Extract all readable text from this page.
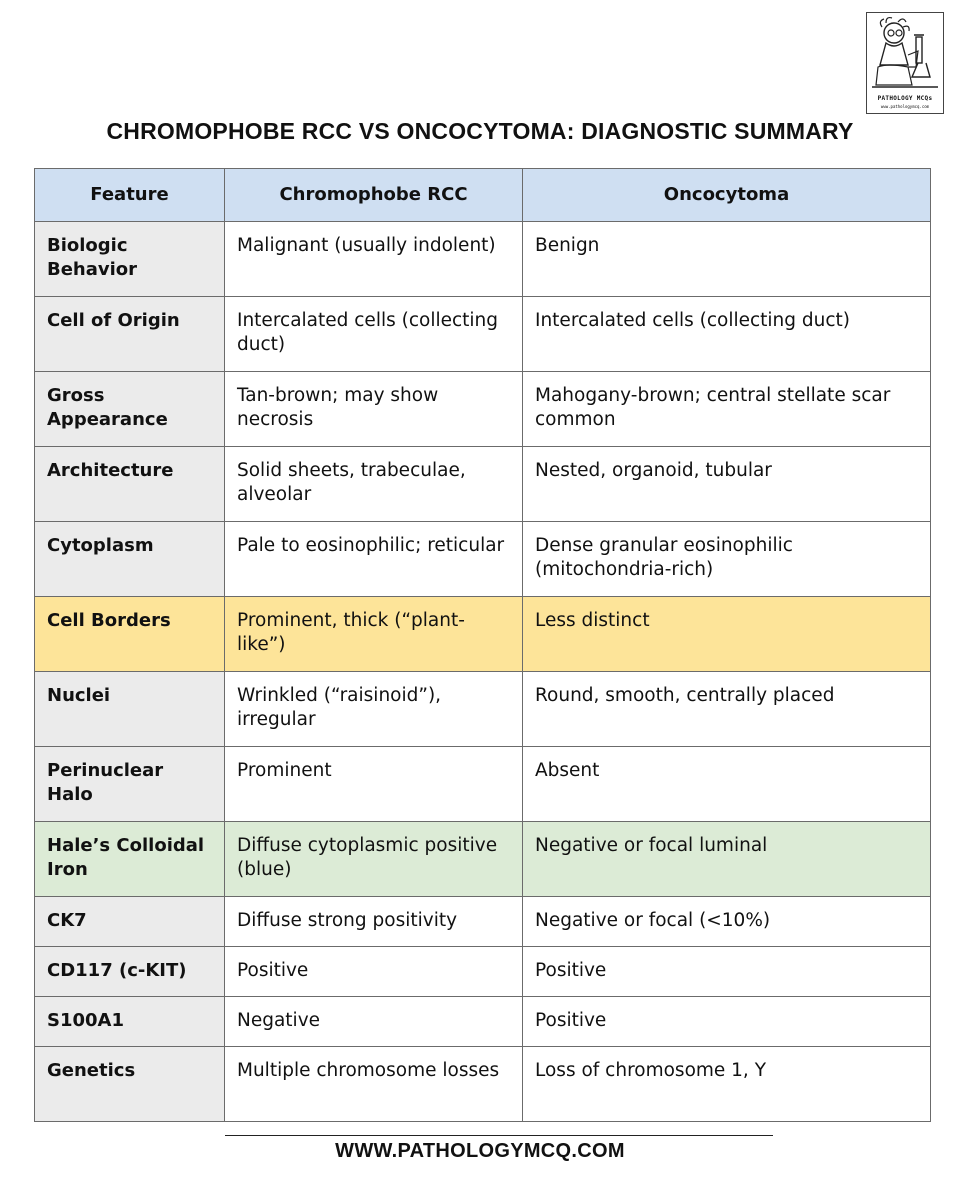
PATHOLOGY MCQs
www.pathologymcq.com
CHROMOPHOBE RCC VS ONCOCYTOMA: DIAGNOSTIC SUMMARY
Feature	Chromophobe RCC	Oncocytoma
Biologic Behavior	Malignant (usually indolent)	Benign
Cell of Origin	Intercalated cells (collecting duct)	Intercalated cells (collecting duct)
Gross Appearance	Tan-brown; may show necrosis	Mahogany-brown; central stellate scar common
Architecture	Solid sheets, trabeculae, alveolar	Nested, organoid, tubular
Cytoplasm	Pale to eosinophilic; reticular	Dense granular eosinophilic (mitochondria-rich)
Cell Borders	Prominent, thick (“plant-like”)	Less distinct
Nuclei	Wrinkled (“raisinoid”), irregular	Round, smooth, centrally placed
Perinuclear Halo	Prominent	Absent
Hale’s Colloidal Iron	Diffuse cytoplasmic positive (blue)	Negative or focal luminal
CK7	Diffuse strong positivity	Negative or focal (<10%)
CD117 (c-KIT)	Positive	Positive
S100A1	Negative	Positive
Genetics	Multiple chromosome losses	Loss of chromosome 1, Y
WWW.PATHOLOGYMCQ.COM
